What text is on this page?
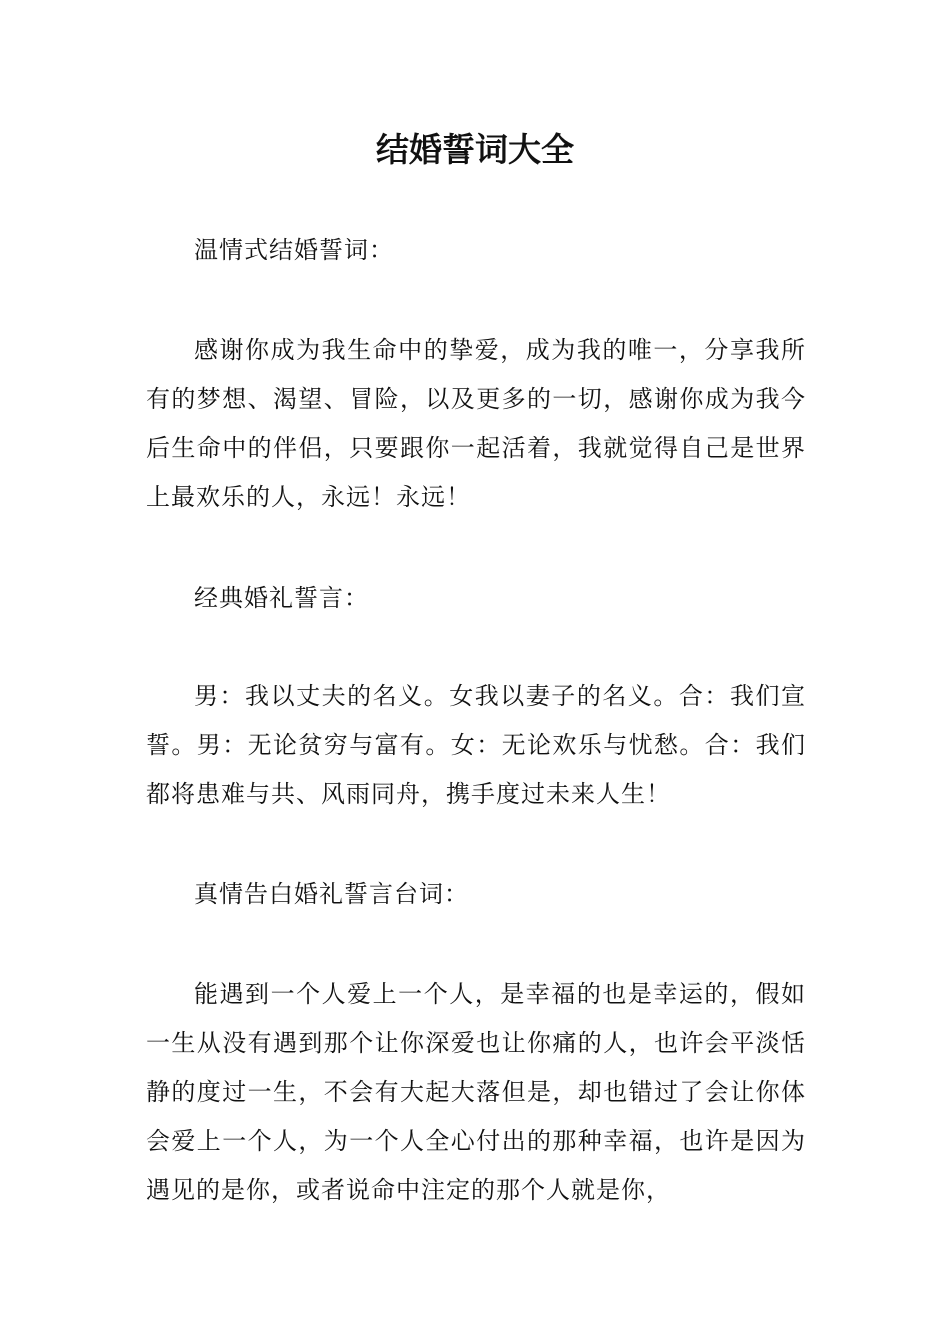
结婚誓词大全

温情式结婚誓词：

感谢你成为我生命中的挚爱，成为我的唯一，分享我所有的梦想、渴望、冒险，以及更多的一切，感谢你成为我今后生命中的伴侣，只要跟你一起活着，我就觉得自己是世界上最欢乐的人，永远！永远！

经典婚礼誓言：

男：我以丈夫的名义。女我以妻子的名义。合：我们宣誓。男：无论贫穷与富有。女：无论欢乐与忧愁。合：我们都将患难与共、风雨同舟，携手度过未来人生！

真情告白婚礼誓言台词：

能遇到一个人爱上一个人，是幸福的也是幸运的，假如一生从没有遇到那个让你深爱也让你痛的人，也许会平淡恬静的度过一生，不会有大起大落但是，却也错过了会让你体会爱上一个人，为一个人全心付出的那种幸福，也许是因为遇见的是你，或者说命中注定的那个人就是你，
